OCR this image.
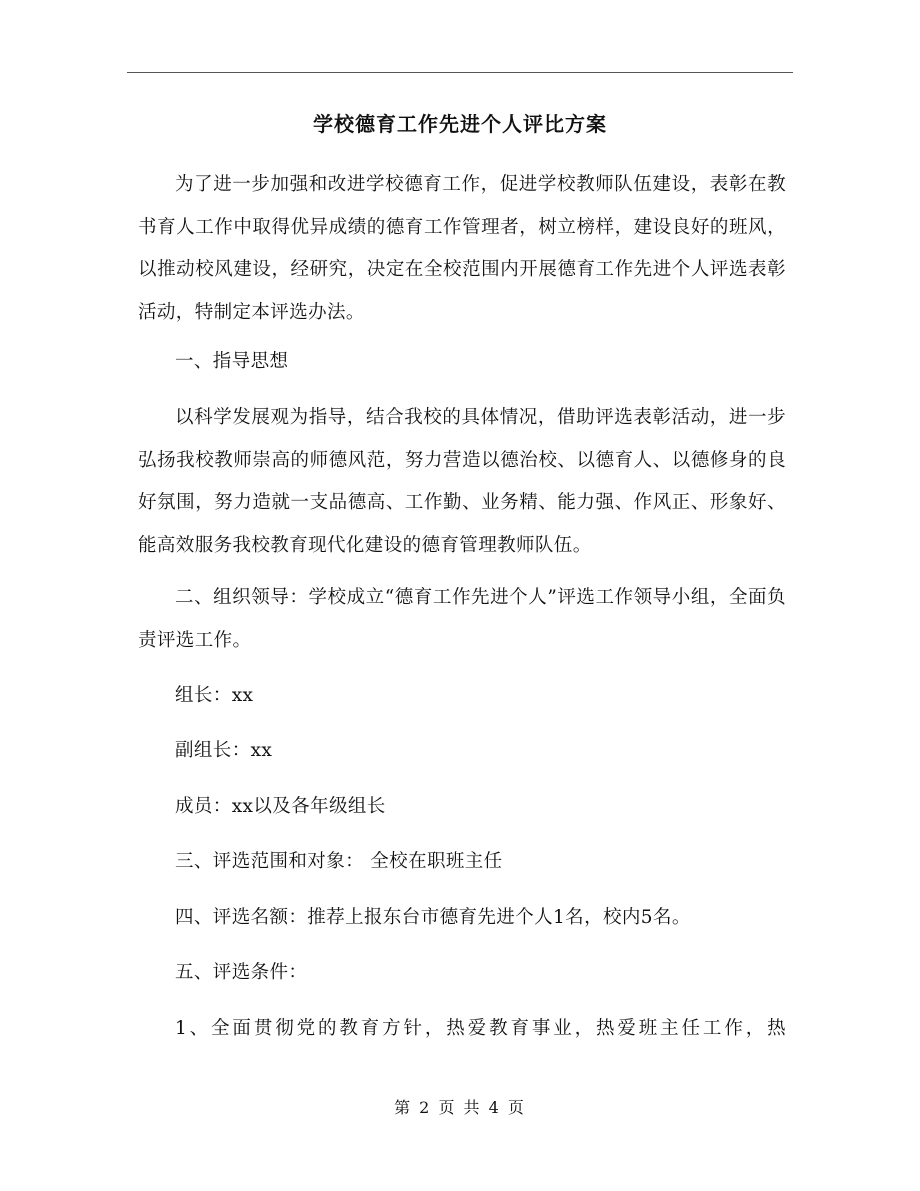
学校德育工作先进个人评比方案

为了进一步加强和改进学校德育工作，促进学校教师队伍建设，表彰在教书育人工作中取得优异成绩的德育工作管理者，树立榜样，建设良好的班风，以推动校风建设，经研究，决定在全校范围内开展德育工作先进个人评选表彰活动，特制定本评选办法。

一、指导思想

以科学发展观为指导，结合我校的具体情况，借助评选表彰活动，进一步弘扬我校教师崇高的师德风范，努力营造以德治校、以德育人、以德修身的良好氛围，努力造就一支品德高、工作勤、业务精、能力强、作风正、形象好、能高效服务我校教育现代化建设的德育管理教师队伍。

二、组织领导：学校成立“德育工作先进个人”评选工作领导小组，全面负责评选工作。

组长：xx

副组长：xx

成员：xx以及各年级组长

三、评选范围和对象： 全校在职班主任

四、评选名额：推荐上报东台市德育先进个人1名，校内5名。

五、评选条件：

1、全面贯彻党的教育方针，热爱教育事业，热爱班主任工作，热

第 2 页 共 4 页
